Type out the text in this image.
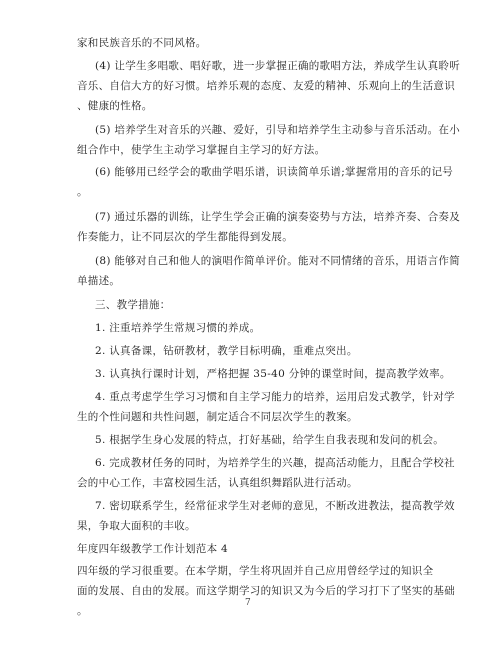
家和民族音乐的不同风格。
(4) 让学生多唱歌、唱好歌，进一步掌握正确的歌唱方法，养成学生认真聆听
音乐、自信大方的好习惯。培养乐观的态度、友爱的精神、乐观向上的生活意识
、健康的性格。
(5) 培养学生对音乐的兴趣、爱好，引导和培养学生主动参与音乐活动。在小
组合作中，使学生主动学习掌握自主学习的好方法。
(6) 能够用已经学会的歌曲学唱乐谱，识读简单乐谱;掌握常用的音乐的记号
。
(7) 通过乐器的训练，让学生学会正确的演奏姿势与方法，培养齐奏、合奏及
作奏能力，让不同层次的学生都能得到发展。
(8) 能够对自己和他人的演唱作简单评价。能对不同情绪的音乐，用语言作简
单描述。
三、教学措施：
1. 注重培养学生常规习惯的养成。
2. 认真备课，钻研教材，教学目标明确，重难点突出。
3. 认真执行课时计划，严格把握 35-40 分钟的课堂时间，提高教学效率。
4. 重点考虑学生学习习惯和自主学习能力的培养，运用启发式教学，针对学
生的个性问题和共性问题，制定适合不同层次学生的教案。
5. 根据学生身心发展的特点，打好基础，给学生自我表现和发问的机会。
6. 完成教材任务的同时，为培养学生的兴趣，提高活动能力，且配合学校社
会的中心工作，丰富校园生活，认真组织舞蹈队进行活动。
7. 密切联系学生，经常征求学生对老师的意见，不断改进教法，提高教学效
果，争取大面积的丰收。
年度四年级教学工作计划范本 4
四年级的学习很重要。在本学期，学生将巩固并自己应用曾经学过的知识全
面的发展、自由的发展。而这学期学习的知识又为今后的学习打下了坚实的基础
。
7
